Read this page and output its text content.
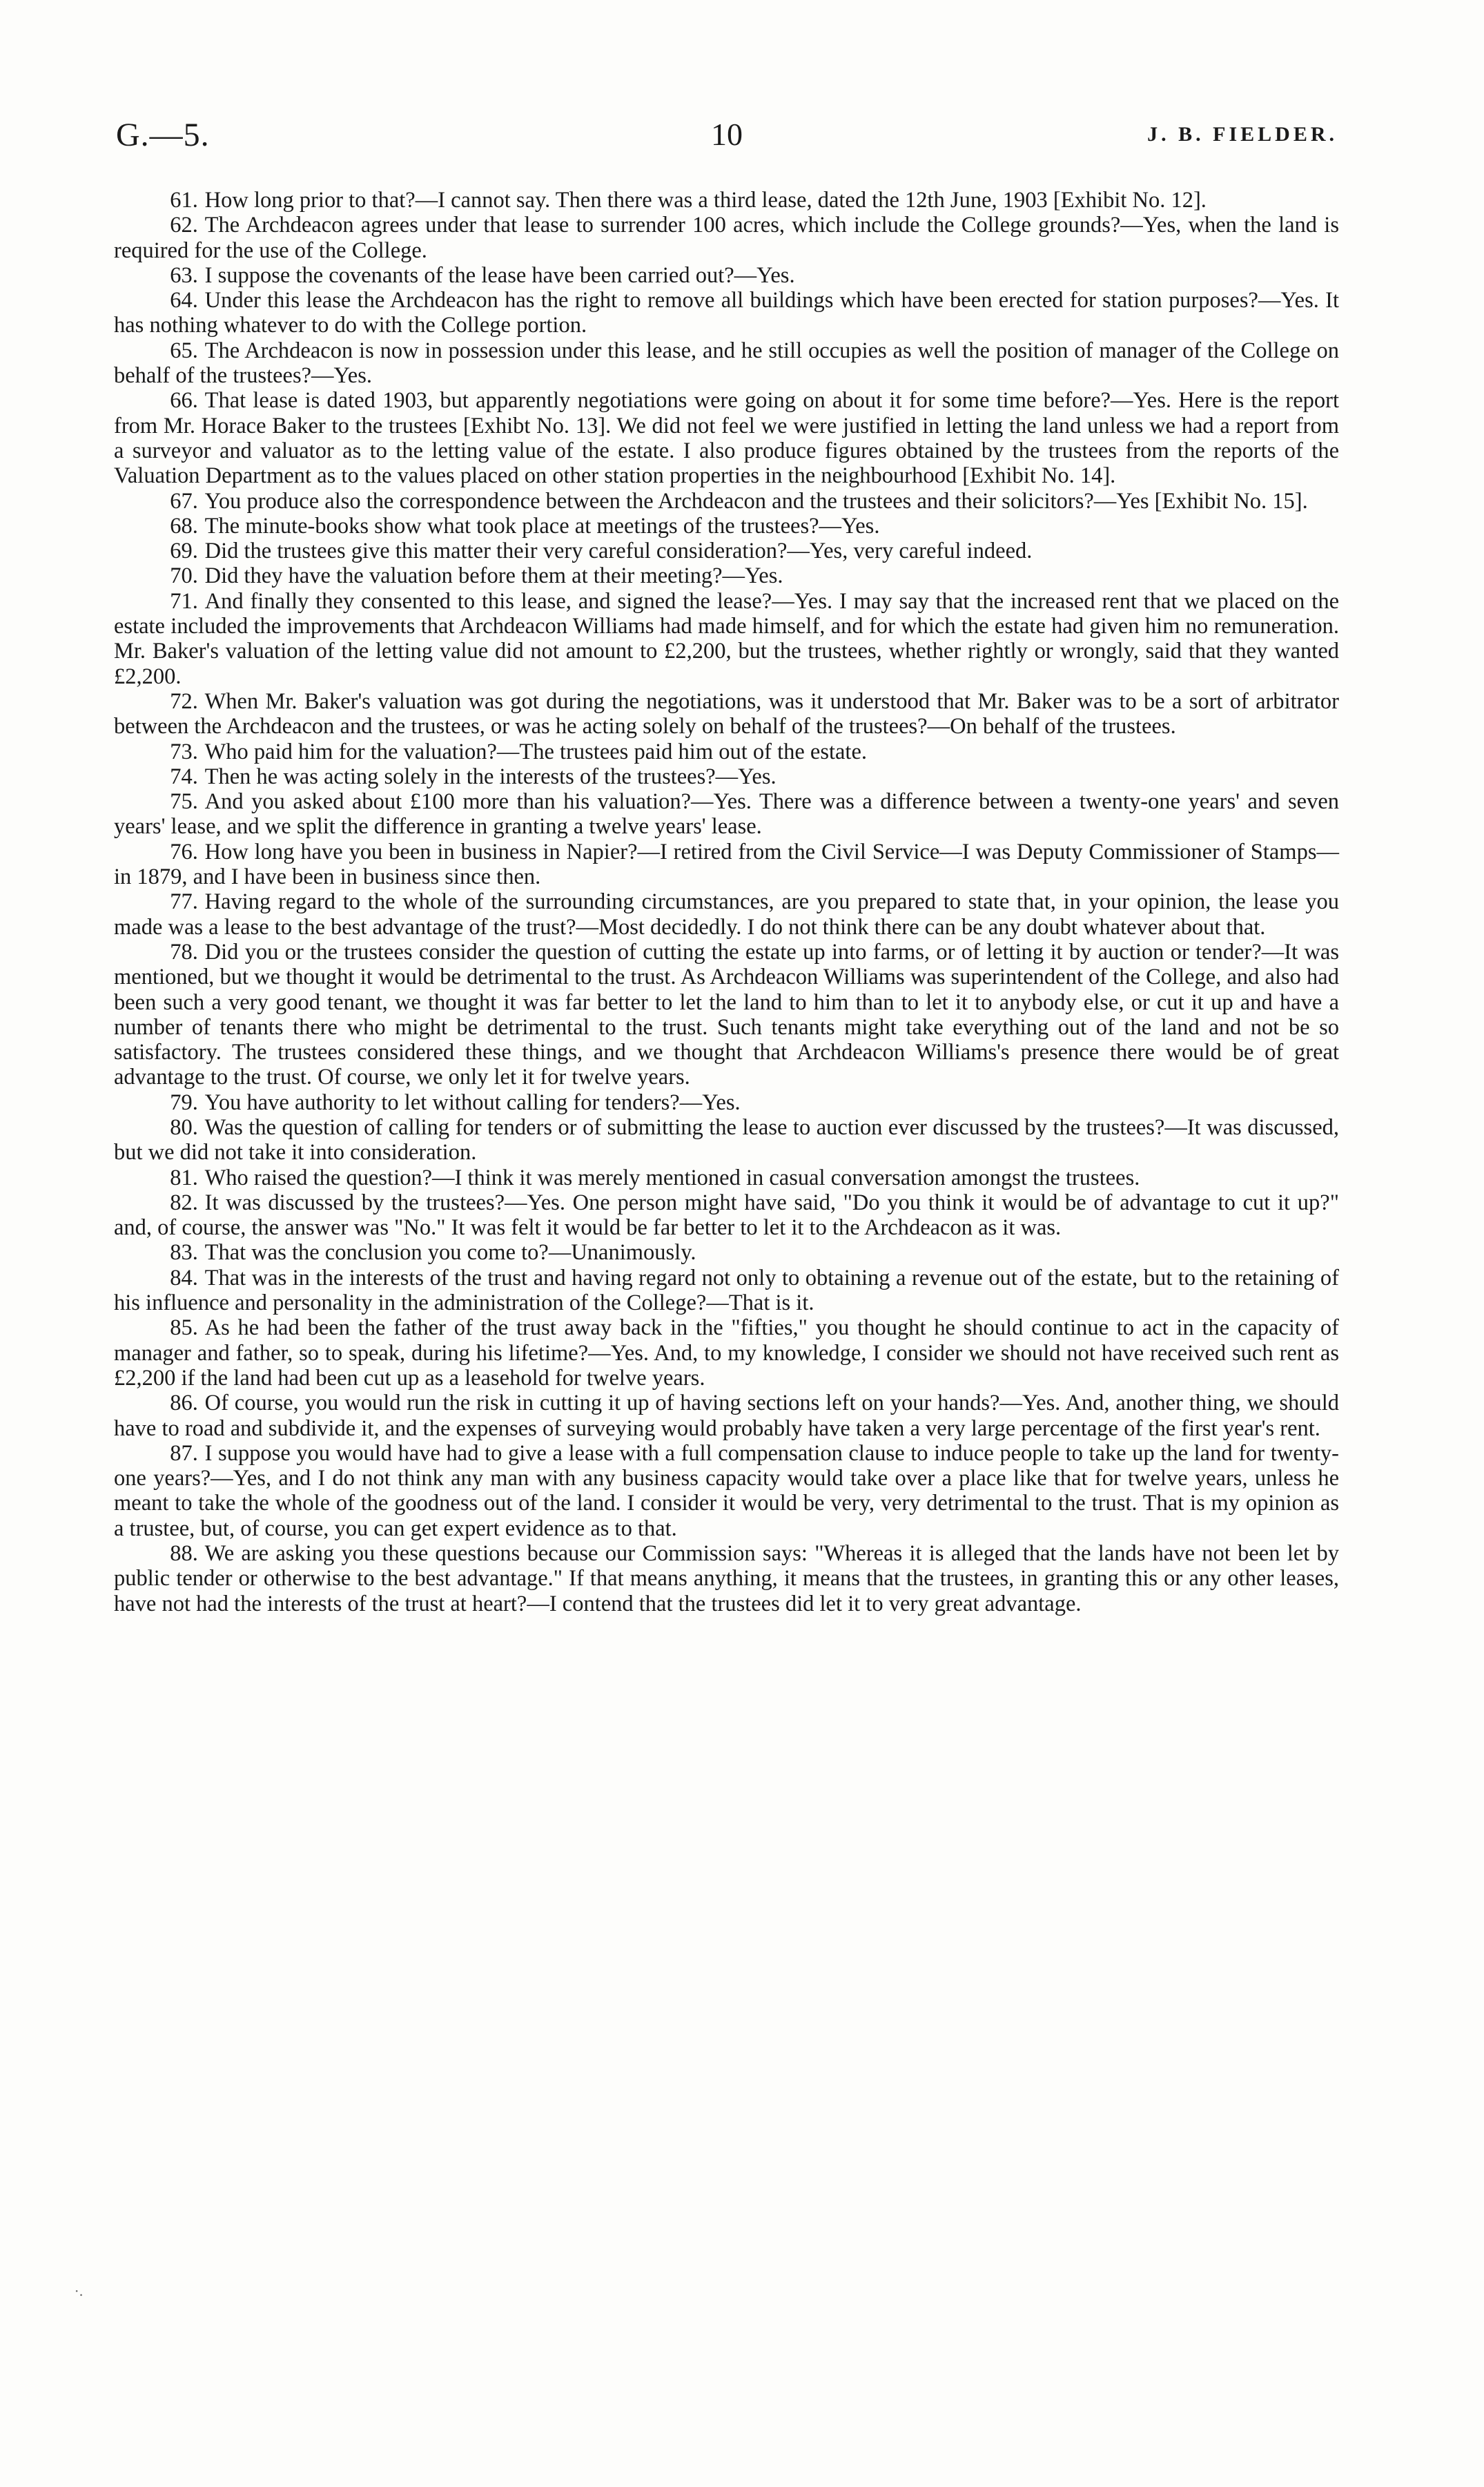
G.—5.	10	J. B. FIELDER.

61. How long prior to that?—I cannot say. Then there was a third lease, dated the 12th June, 1903 [Exhibit No. 12].

62. The Archdeacon agrees under that lease to surrender 100 acres, which include the College grounds?—Yes, when the land is required for the use of the College.

63. I suppose the covenants of the lease have been carried out?—Yes.

64. Under this lease the Archdeacon has the right to remove all buildings which have been erected for station purposes?—Yes. It has nothing whatever to do with the College portion.

65. The Archdeacon is now in possession under this lease, and he still occupies as well the position of manager of the College on behalf of the trustees?—Yes.

66. That lease is dated 1903, but apparently negotiations were going on about it for some time before?—Yes. Here is the report from Mr. Horace Baker to the trustees [Exhibt No. 13]. We did not feel we were justified in letting the land unless we had a report from a surveyor and valuator as to the letting value of the estate. I also produce figures obtained by the trustees from the reports of the Valuation Department as to the values placed on other station properties in the neighbourhood [Exhibit No. 14].

67. You produce also the correspondence between the Archdeacon and the trustees and their solicitors?—Yes [Exhibit No. 15].

68. The minute-books show what took place at meetings of the trustees?—Yes.

69. Did the trustees give this matter their very careful consideration?—Yes, very careful indeed.

70. Did they have the valuation before them at their meeting?—Yes.

71. And finally they consented to this lease, and signed the lease?—Yes. I may say that the increased rent that we placed on the estate included the improvements that Archdeacon Williams had made himself, and for which the estate had given him no remuneration. Mr. Baker's valuation of the letting value did not amount to £2,200, but the trustees, whether rightly or wrongly, said that they wanted £2,200.

72. When Mr. Baker's valuation was got during the negotiations, was it understood that Mr. Baker was to be a sort of arbitrator between the Archdeacon and the trustees, or was he acting solely on behalf of the trustees?—On behalf of the trustees.

73. Who paid him for the valuation?—The trustees paid him out of the estate.

74. Then he was acting solely in the interests of the trustees?—Yes.

75. And you asked about £100 more than his valuation?—Yes. There was a difference between a twenty-one years' and seven years' lease, and we split the difference in granting a twelve years' lease.

76. How long have you been in business in Napier?—I retired from the Civil Service—I was Deputy Commissioner of Stamps—in 1879, and I have been in business since then.

77. Having regard to the whole of the surrounding circumstances, are you prepared to state that, in your opinion, the lease you made was a lease to the best advantage of the trust?—Most decidedly. I do not think there can be any doubt whatever about that.

78. Did you or the trustees consider the question of cutting the estate up into farms, or of letting it by auction or tender?—It was mentioned, but we thought it would be detrimental to the trust. As Archdeacon Williams was superintendent of the College, and also had been such a very good tenant, we thought it was far better to let the land to him than to let it to anybody else, or cut it up and have a number of tenants there who might be detrimental to the trust. Such tenants might take everything out of the land and not be so satisfactory. The trustees considered these things, and we thought that Archdeacon Williams's presence there would be of great advantage to the trust. Of course, we only let it for twelve years.

79. You have authority to let without calling for tenders?—Yes.

80. Was the question of calling for tenders or of submitting the lease to auction ever discussed by the trustees?—It was discussed, but we did not take it into consideration.

81. Who raised the question?—I think it was merely mentioned in casual conversation amongst the trustees.

82. It was discussed by the trustees?—Yes. One person might have said, "Do you think it would be of advantage to cut it up?" and, of course, the answer was "No." It was felt it would be far better to let it to the Archdeacon as it was.

83. That was the conclusion you come to?—Unanimously.

84. That was in the interests of the trust and having regard not only to obtaining a revenue out of the estate, but to the retaining of his influence and personality in the administration of the College?—That is it.

85. As he had been the father of the trust away back in the "fifties," you thought he should continue to act in the capacity of manager and father, so to speak, during his lifetime?—Yes. And, to my knowledge, I consider we should not have received such rent as £2,200 if the land had been cut up as a leasehold for twelve years.

86. Of course, you would run the risk in cutting it up of having sections left on your hands?—Yes. And, another thing, we should have to road and subdivide it, and the expenses of surveying would probably have taken a very large percentage of the first year's rent.

87. I suppose you would have had to give a lease with a full compensation clause to induce people to take up the land for twenty-one years?—Yes, and I do not think any man with any business capacity would take over a place like that for twelve years, unless he meant to take the whole of the goodness out of the land. I consider it would be very, very detrimental to the trust. That is my opinion as a trustee, but, of course, you can get expert evidence as to that.

88. We are asking you these questions because our Commission says: "Whereas it is alleged that the lands have not been let by public tender or otherwise to the best advantage." If that means anything, it means that the trustees, in granting this or any other leases, have not had the interests of the trust at heart?—I contend that the trustees did let it to very great advantage.

·.
